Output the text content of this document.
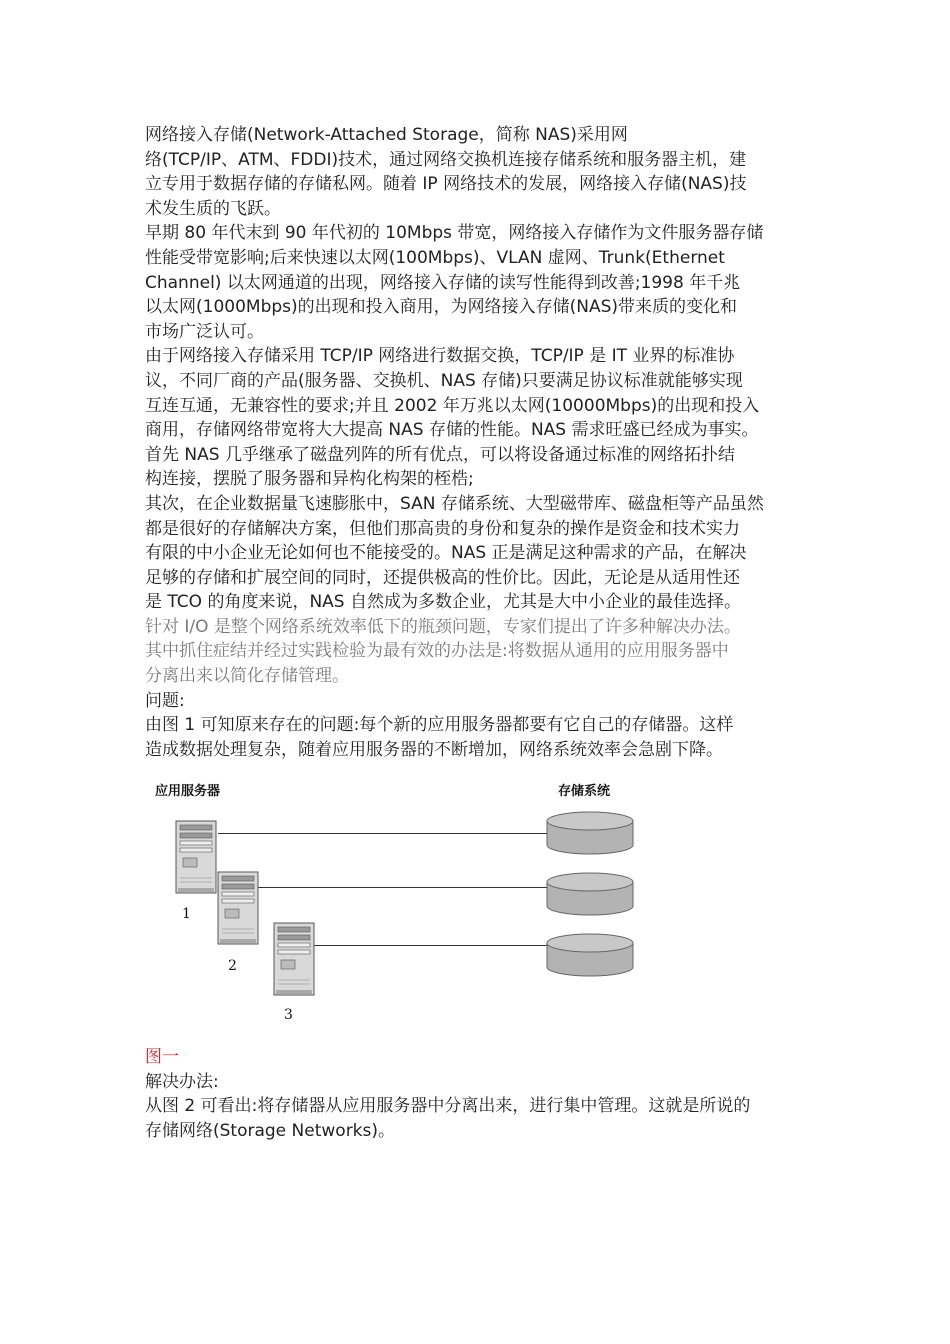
网络接入存储(Network-Attached Storage，简称 NAS)采用网
络(TCP/IP、ATM、FDDI)技术，通过网络交换机连接存储系统和服务器主机，建
立专用于数据存储的存储私网。随着 IP 网络技术的发展，网络接入存储(NAS)技
术发生质的飞跃。
早期 80 年代末到 90 年代初的 10Mbps 带宽，网络接入存储作为文件服务器存储
性能受带宽影响;后来快速以太网(100Mbps)、VLAN 虚网、Trunk(Ethernet
Channel) 以太网通道的出现，网络接入存储的读写性能得到改善;1998 年千兆
以太网(1000Mbps)的出现和投入商用，为网络接入存储(NAS)带来质的变化和
市场广泛认可。
由于网络接入存储采用 TCP/IP 网络进行数据交换，TCP/IP 是 IT 业界的标准协
议，不同厂商的产品(服务器、交换机、NAS 存储)只要满足协议标准就能够实现
互连互通，无兼容性的要求;并且 2002 年万兆以太网(10000Mbps)的出现和投入
商用，存储网络带宽将大大提高 NAS 存储的性能。NAS 需求旺盛已经成为事实。
首先 NAS 几乎继承了磁盘列阵的所有优点，可以将设备通过标准的网络拓扑结
构连接，摆脱了服务器和异构化构架的桎梏;
其次，在企业数据量飞速膨胀中，SAN 存储系统、大型磁带库、磁盘柜等产品虽然
都是很好的存储解决方案，但他们那高贵的身份和复杂的操作是资金和技术实力
有限的中小企业无论如何也不能接受的。NAS 正是满足这种需求的产品，在解决
足够的存储和扩展空间的同时，还提供极高的性价比。因此，无论是从适用性还
是 TCO 的角度来说，NAS 自然成为多数企业，尤其是大中小企业的最佳选择。
针对 I/O 是整个网络系统效率低下的瓶颈问题，专家们提出了许多种解决办法。
其中抓住症结并经过实践检验为最有效的办法是:将数据从通用的应用服务器中
分离出来以简化存储管理。
问题:
由图 1 可知原来存在的问题:每个新的应用服务器都要有它自己的存储器。这样
造成数据处理复杂，随着应用服务器的不断增加，网络系统效率会急剧下降。
应用服务器	存储系统
1
2
3
图一
解决办法:
从图 2 可看出:将存储器从应用服务器中分离出来，进行集中管理。这就是所说的
存储网络(Storage Networks)。
